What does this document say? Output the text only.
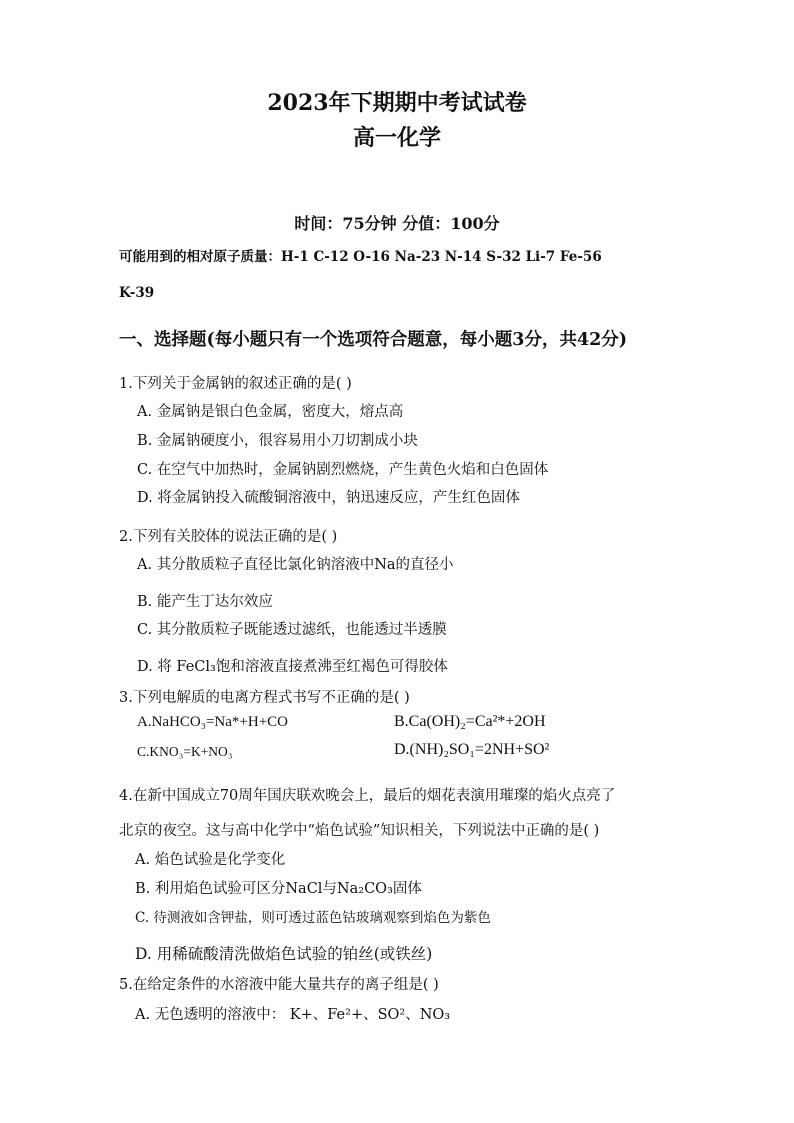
2023年下期期中考试试卷
高一化学
时间：75分钟 分值：100分
可能用到的相对原子质量：H-1 C-12 O-16 Na-23 N-14 S-32 Li-7 Fe-56
K-39
一、选择题(每小题只有一个选项符合题意，每小题3分，共42分)
1.下列关于金属钠的叙述正确的是( )
A. 金属钠是银白色金属，密度大，熔点高
B. 金属钠硬度小，很容易用小刀切割成小块
C. 在空气中加热时，金属钠剧烈燃烧，产生黄色火焰和白色固体
D. 将金属钠投入硫酸铜溶液中，钠迅速反应，产生红色固体
2.下列有关胶体的说法正确的是( )
A. 其分散质粒子直径比氯化钠溶液中Na的直径小
B. 能产生丁达尔效应
C. 其分散质粒子既能透过滤纸，也能透过半透膜
D. 将 FeCl₃饱和溶液直接煮沸至红褐色可得胶体
3.下列电解质的电离方程式书写不正确的是( )
A.NaHCO₃=Na*+H+CO	B.Ca(OH)₂=Ca²*+2OH
C.KNO₃=K+NO₃	D.(NH)₂SO₁=2NH+SO²
4.在新中国成立70周年国庆联欢晚会上，最后的烟花表演用璀璨的焰火点亮了
北京的夜空。这与高中化学中“焰色试验”知识相关，下列说法中正确的是( )
A. 焰色试验是化学变化
B. 利用焰色试验可区分NaCl与Na₂CO₃固体
C. 待测液如含钾盐，则可透过蓝色钴玻璃观察到焰色为紫色
D. 用稀硫酸清洗做焰色试验的铂丝(或铁丝)
5.在给定条件的水溶液中能大量共存的离子组是( )
A. 无色透明的溶液中： K+、Fe²+、SO²、NO₃
